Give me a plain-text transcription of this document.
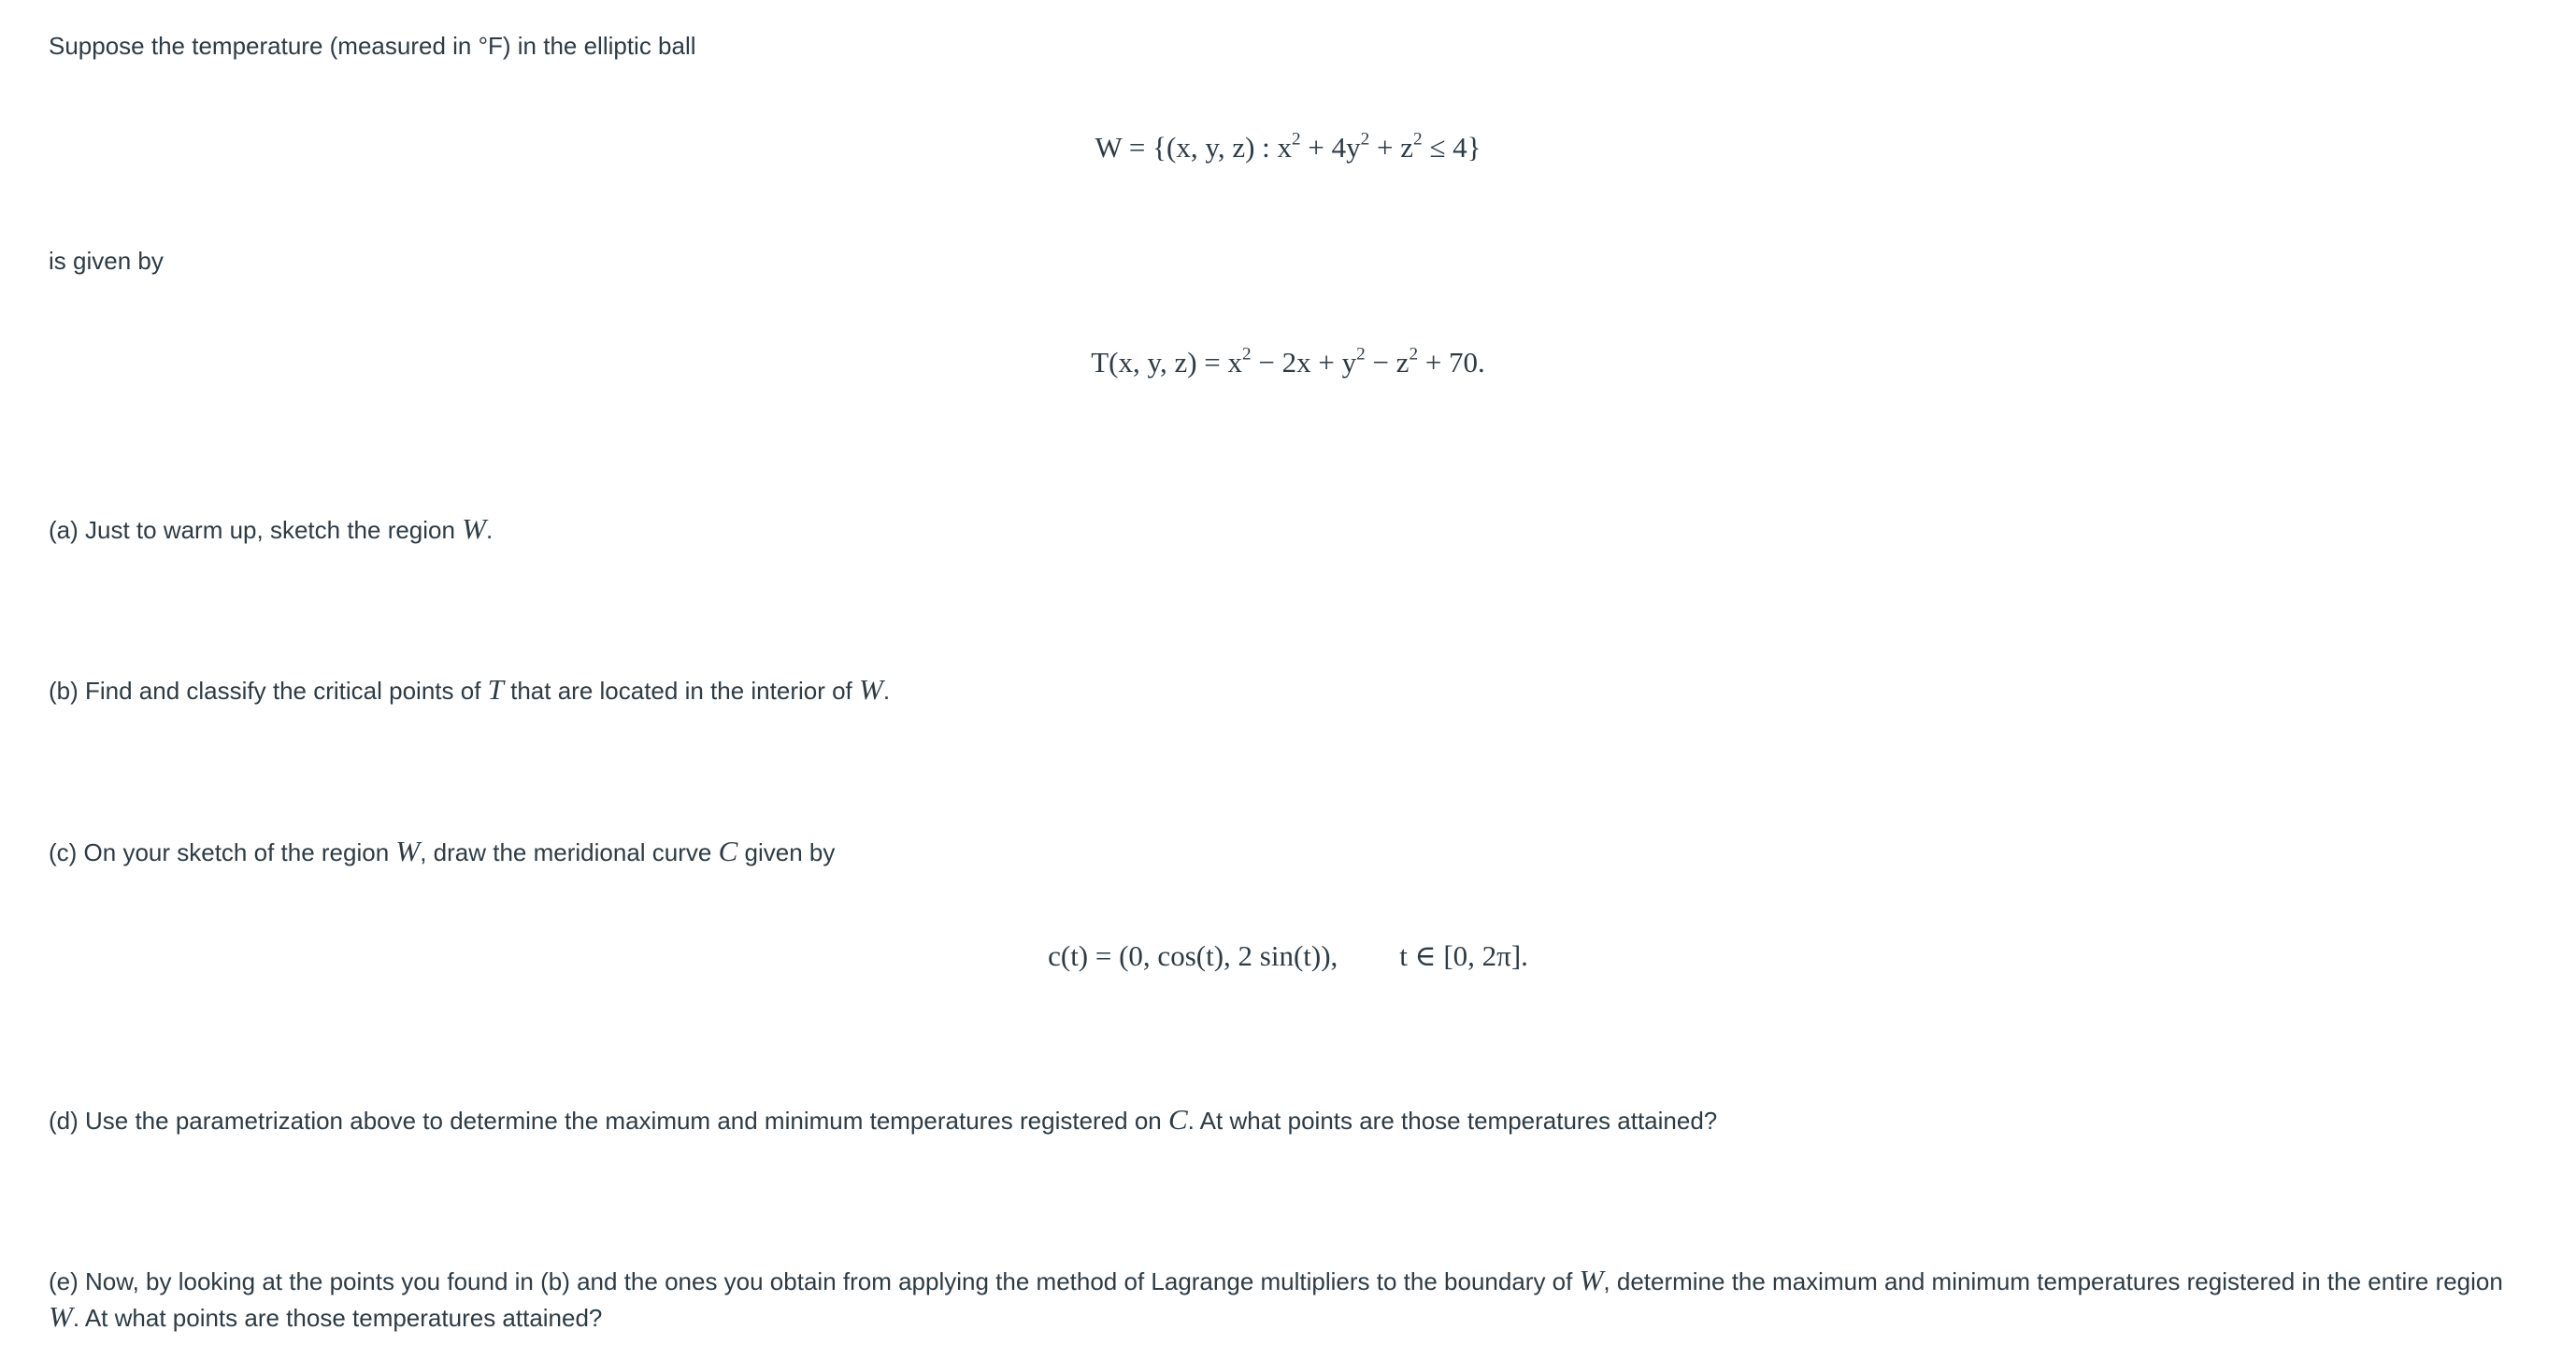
Suppose the temperature (measured in °F) in the elliptic ball
W = {(x, y, z) : $x^2 + 4y^2 + z^2 \le 4$}
is given by
T(x, y, $z) = x^2 - 2x + y^2 - z^2 + 70$.
(a) Just to warm up, sketch the region W.
(b) Find and classify the critical points of T that are located in the interior of W.
(c) On your sketch of the region W, draw the meridional curve C given by
c(t) = (0, cos(t), 2 sin(t)), t ∈ [0, 2π].
(d) Use the parametrization above to determine the maximum and minimum temperatures registered on C. At what points are those temperatures attained?
(e) Now, by looking at the points you found in (b) and the ones you obtain from applying the method of Lagrange multipliers to the boundary of W, determine the maximum and minimum temperatures registered in the entire region W. At what points are those temperatures attained?
